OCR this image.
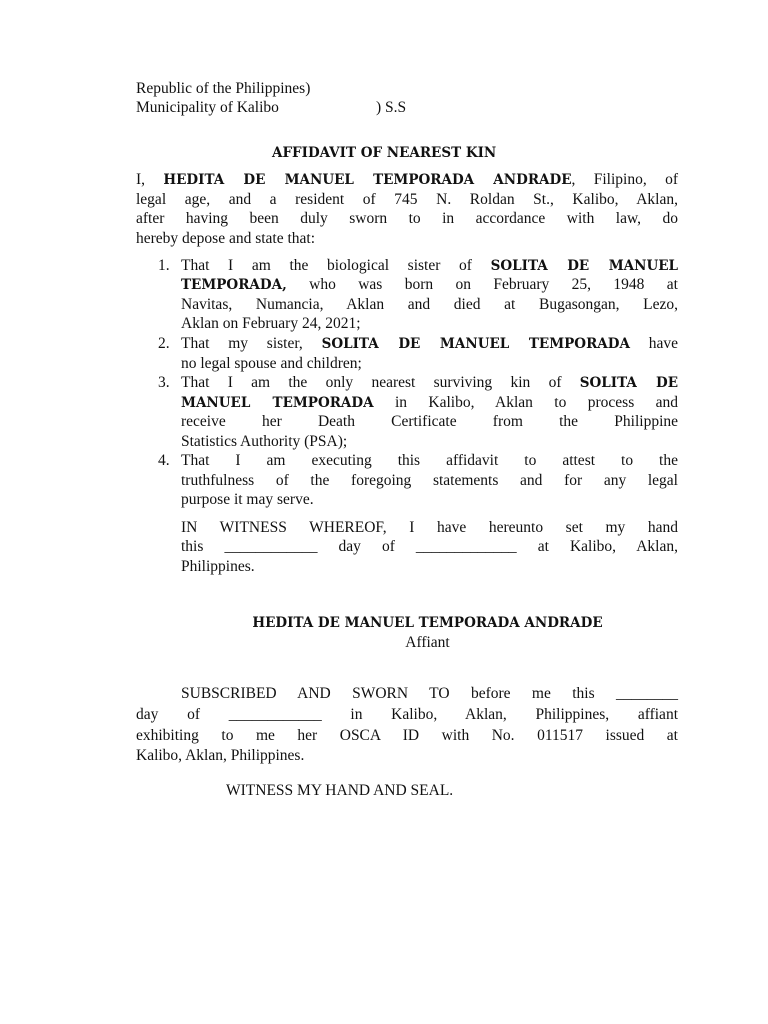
Republic of the Philippines)
Municipality of Kalibo	) S.S
AFFIDAVIT OF NEAREST KIN
I, HEDITA DE MANUEL TEMPORADA ANDRADE, Filipino, of
legal age, and a resident of 745 N. Roldan St., Kalibo, Aklan,
after having been duly sworn to in accordance with law, do
hereby depose and state that:
1. That I am the biological sister of SOLITA DE MANUEL
TEMPORADA, who was born on February 25, 1948 at
Navitas, Numancia, Aklan and died at Bugasongan, Lezo,
Aklan on February 24, 2021;
2. That my sister, SOLITA DE MANUEL TEMPORADA have
no legal spouse and children;
3. That I am the only nearest surviving kin of SOLITA DE
MANUEL TEMPORADA in Kalibo, Aklan to process and
receive her Death Certificate from the Philippine
Statistics Authority (PSA);
4. That I am executing this affidavit to attest to the
truthfulness of the foregoing statements and for any legal
purpose it may serve.
IN WITNESS WHEREOF, I have hereunto set my hand
this ____________ day of _____________ at Kalibo, Aklan,
Philippines.
HEDITA DE MANUEL TEMPORADA ANDRADE
Affiant
SUBSCRIBED AND SWORN TO before me this ________
day of ____________ in Kalibo, Aklan, Philippines, affiant
exhibiting to me her OSCA ID with No. 011517 issued at
Kalibo, Aklan, Philippines.
WITNESS MY HAND AND SEAL.
